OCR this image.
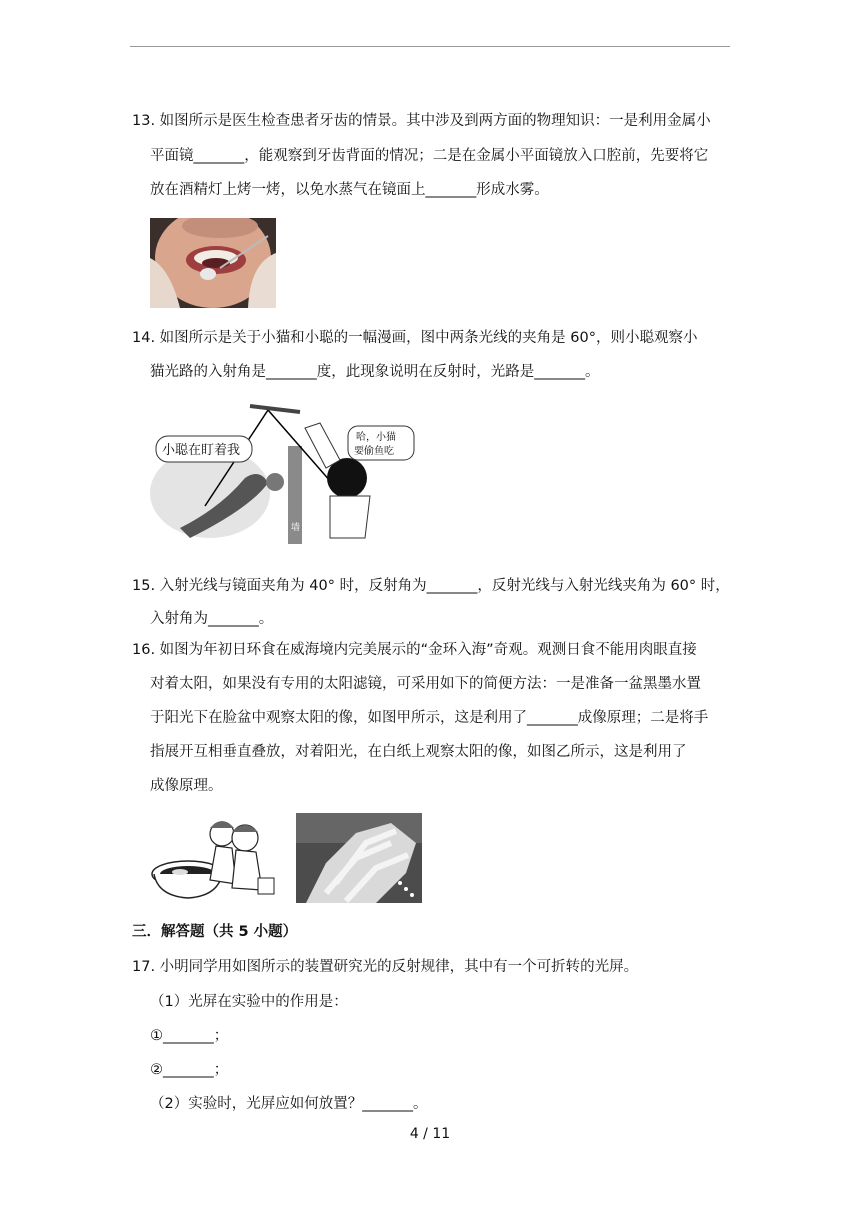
13. 如图所示是医生检查患者牙齿的情景。其中涉及到两方面的物理知识：一是利用金属小
平面镜_______，能观察到牙齿背面的情况；二是在金属小平面镜放入口腔前，先要将它
放在酒精灯上烤一烤，以免水蒸气在镜面上_______形成水雾。
14. 如图所示是关于小猫和小聪的一幅漫画，图中两条光线的夹角是 60°，则小聪观察小
猫光路的入射角是_______度，此现象说明在反射时，光路是_______。
小聪在盯着我
哈，小猫
要偷鱼吃
墙
15. 入射光线与镜面夹角为 40° 时，反射角为_______，反射光线与入射光线夹角为 60° 时，
入射角为_______。
16. 如图为年初日环食在威海境内完美展示的“金环入海”奇观。观测日食不能用肉眼直接
对着太阳，如果没有专用的太阳滤镜，可采用如下的简便方法：一是准备一盆黑墨水置
于阳光下在脸盆中观察太阳的像，如图甲所示，这是利用了_______成像原理；二是将手
指展开互相垂直叠放，对着阳光，在白纸上观察太阳的像，如图乙所示，这是利用了
成像原理。
三．解答题（共 5 小题）
17. 小明同学用如图所示的装置研究光的反射规律，其中有一个可折转的光屏。
（1）光屏在实验中的作用是：
①_______；
②_______；
（2）实验时，光屏应如何放置？_______。
4 / 11
